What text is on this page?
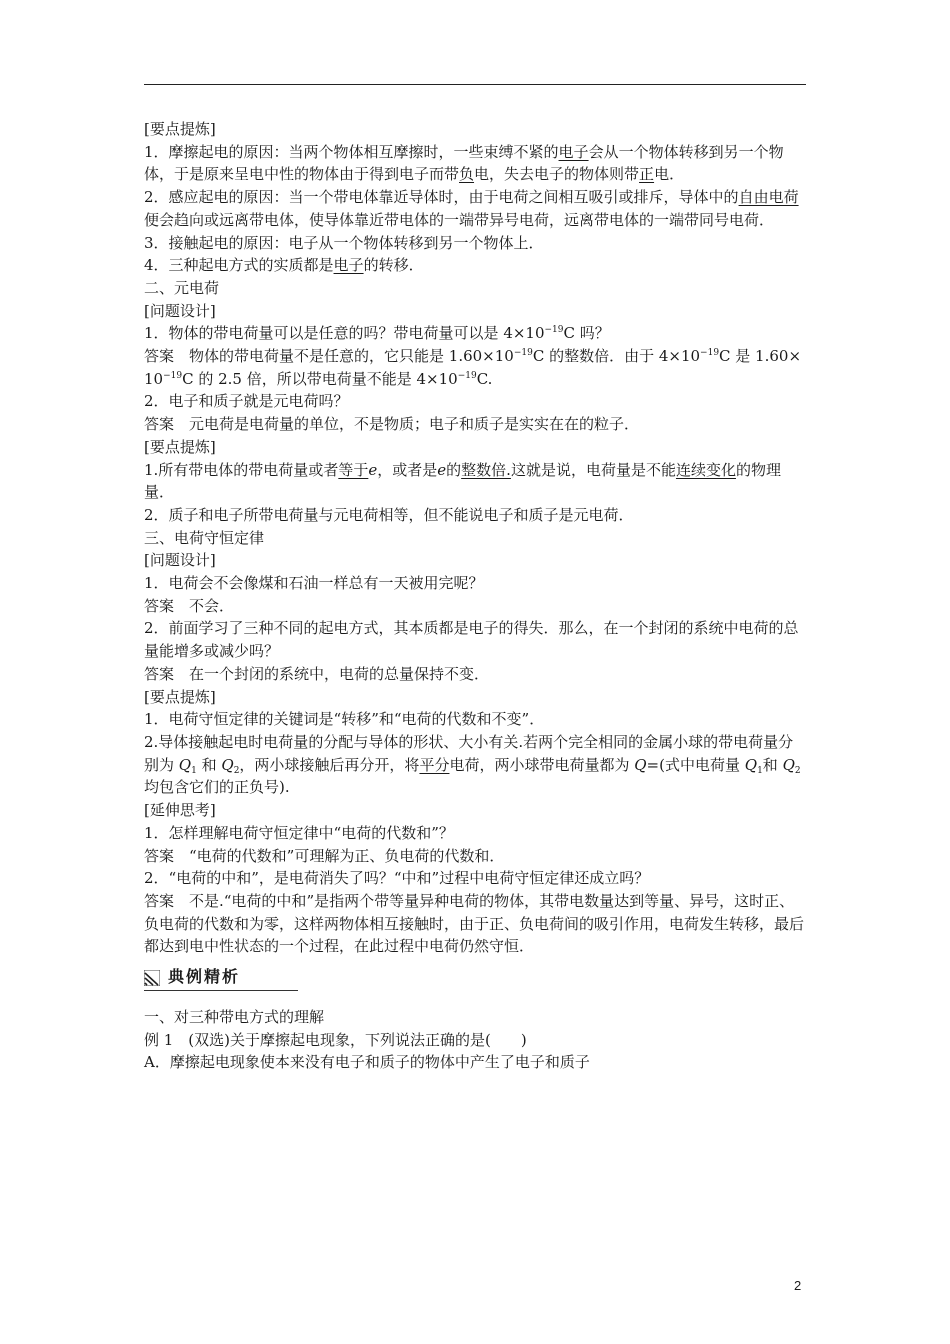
[要点提炼]

1．摩擦起电的原因：当两个物体相互摩擦时，一些束缚不紧的电子会从一个物体转移到另一个物体，于是原来呈电中性的物体由于得到电子而带负电，失去电子的物体则带正电．

2．感应起电的原因：当一个带电体靠近导体时，由于电荷之间相互吸引或排斥，导体中的自由电荷便会趋向或远离带电体，使导体靠近带电体的一端带异号电荷，远离带电体的一端带同号电荷．

3．接触起电的原因：电子从一个物体转移到另一个物体上．

4．三种起电方式的实质都是电子的转移．

二、元电荷

[问题设计]

1．物体的带电荷量可以是任意的吗？带电荷量可以是 $4\times 10^{-19}C$ 吗？

答案　物体的带电荷量不是任意的，它只能是 $1.60\times 10^{-19}C$ 的整数倍．由于 $4\times 10^{-19}C$ 是 $1.60\times 10^{-19}C$ 的 2.5 倍，所以带电荷量不能是 $4\times 10^{-19}C$.

2．电子和质子就是元电荷吗？

答案　元电荷是电荷量的单位，不是物质；电子和质子是实实在在的粒子．

[要点提炼]

1.所有带电体的带电荷量或者等于e，或者是e的整数倍.这就是说，电荷量是不能连续变化的物理量．

2．质子和电子所带电荷量与元电荷相等，但不能说电子和质子是元电荷．

三、电荷守恒定律

[问题设计]

1．电荷会不会像煤和石油一样总有一天被用完呢？

答案　不会．

2．前面学习了三种不同的起电方式，其本质都是电子的得失．那么，在一个封闭的系统中电荷的总量能增多或减少吗？

答案　在一个封闭的系统中，电荷的总量保持不变．

[要点提炼]

1．电荷守恒定律的关键词是“转移”和“电荷的代数和不变”．

2.导体接触起电时电荷量的分配与导体的形状、大小有关.若两个完全相同的金属小球的带电荷量分别为 $Q_1$ 和 $Q_2$，两小球接触后再分开，将平分电荷，两小球带电荷量都为 Q=(式中电荷量 $Q_1$和 $Q_2$均包含它们的正负号).

[延伸思考]

1．怎样理解电荷守恒定律中“电荷的代数和”？

答案　“电荷的代数和”可理解为正、负电荷的代数和．

2．“电荷的中和”，是电荷消失了吗？“中和”过程中电荷守恒定律还成立吗？

答案　不是.“电荷的中和”是指两个带等量异种电荷的物体，其带电数量达到等量、异号，这时正、负电荷的代数和为零，这样两物体相互接触时，由于正、负电荷间的吸引作用，电荷发生转移，最后都达到电中性状态的一个过程，在此过程中电荷仍然守恒．

典例精析

一、对三种带电方式的理解

例 1　(双选)关于摩擦起电现象，下列说法正确的是(　　)

A．摩擦起电现象使本来没有电子和质子的物体中产生了电子和质子

2
